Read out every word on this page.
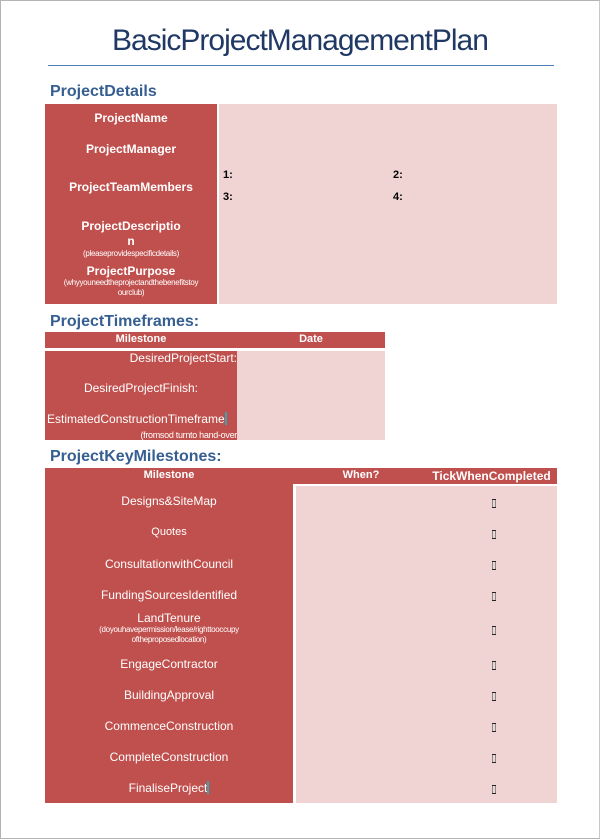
BasicProjectManagementPlan
ProjectDetails
ProjectName
ProjectManager
ProjectTeamMembers
1:	2:
3:	4:
ProjectDescriptio
n
(pleaseprovidespecificdetails)
ProjectPurpose
(whyyouneedtheprojectandthebenefitstoy
ourclub)
ProjectTimeframes:
Milestone	Date
DesiredProjectStart:
DesiredProjectFinish:
EstimatedConstructionTimeframe
(fromsod turnto hand-over
ProjectKeyMilestones:
Milestone	When?	TickWhenCompleted
Designs&SiteMap
Quotes
ConsultationwithCouncil
FundingSourcesIdentified
LandTenure
(doyouhavepermission/lease/righttooccupy
oftheproposedlocation)
EngageContractor
BuildingApproval
CommenceConstruction
CompleteConstruction
FinaliseProject
